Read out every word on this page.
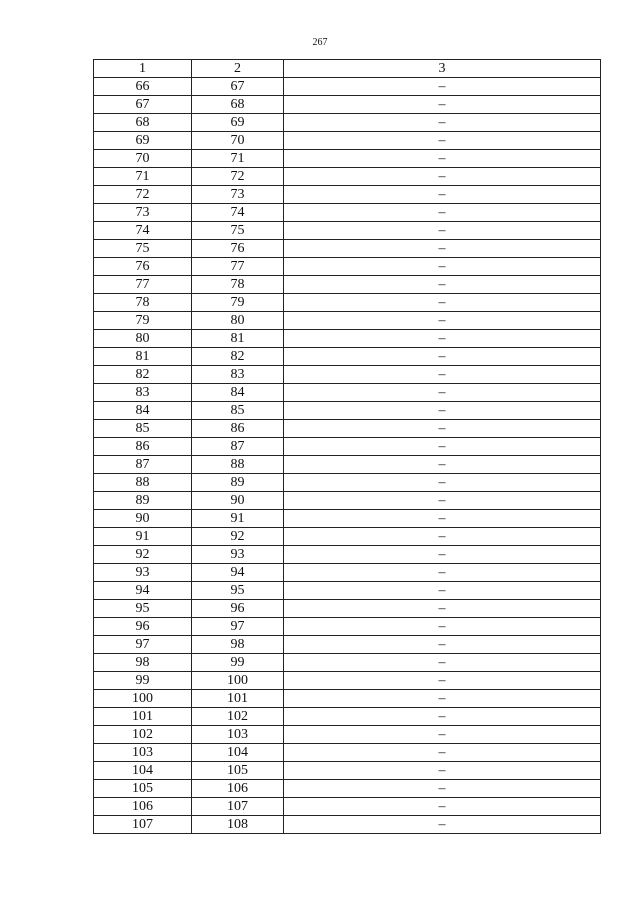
267
1	2	3
66	67	–
67	68	–
68	69	–
69	70	–
70	71	–
71	72	–
72	73	–
73	74	–
74	75	–
75	76	–
76	77	–
77	78	–
78	79	–
79	80	–
80	81	–
81	82	–
82	83	–
83	84	–
84	85	–
85	86	–
86	87	–
87	88	–
88	89	–
89	90	–
90	91	–
91	92	–
92	93	–
93	94	–
94	95	–
95	96	–
96	97	–
97	98	–
98	99	–
99	100	–
100	101	–
101	102	–
102	103	–
103	104	–
104	105	–
105	106	–
106	107	–
107	108	–
